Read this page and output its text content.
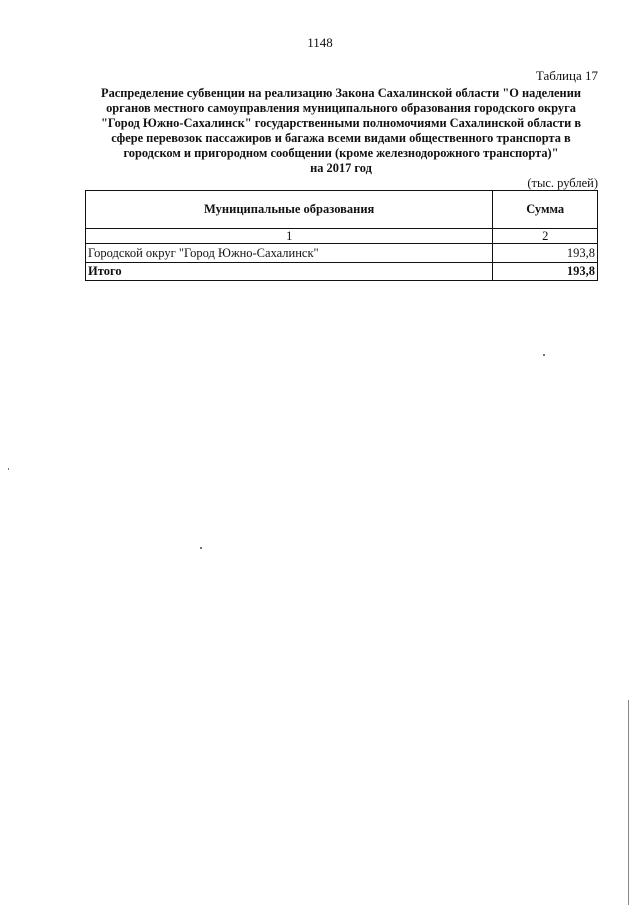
1148
Таблица 17
Распределение субвенции на реализацию Закона Сахалинской области "О наделении
органов местного самоуправления муниципального образования городского округа
"Город Южно-Сахалинск" государственными полномочиями Сахалинской области в
сфере перевозок пассажиров и багажа всеми видами общественного транспорта в
городском и пригородном сообщении (кроме железнодорожного транспорта)"
на 2017 год
(тыс. рублей)
Муниципальные образования	Сумма
1	2
Городской округ "Город Южно-Сахалинск"	193,8
Итого	193,8
